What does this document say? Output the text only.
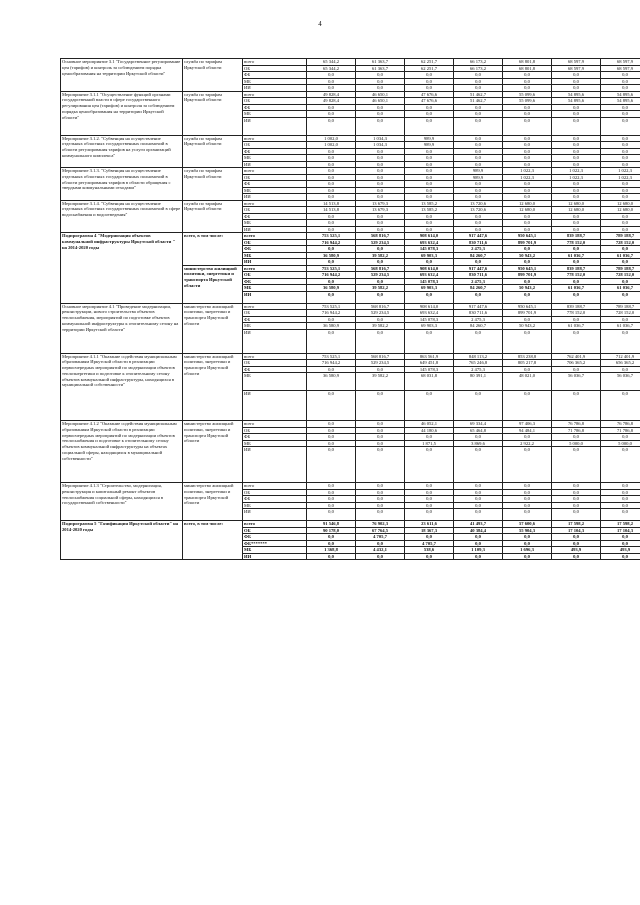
4
Основное мероприятие 3.1 "Государственное регулирование цен (тарифов) и контроль за соблюдением порядка ценообразования на территории Иркутской области"	служба по тарифам Иркутской области	всего	65 344,2	61 363,7	62 251,7	66 173,2	68 801,8	68 597,9	68 597,9
		ОБ	65 344,2	61 363,7	62 251,7	66 173,2	68 801,8	68 597,9	68 597,9
		ФБ	0,0	0,0	0,0	0,0	0,0	0,0	0,0
		МБ	0,0	0,0	0,0	0,0	0,0	0,0	0,0
		ИИ	0,0	0,0	0,0	0,0	0,0	0,0	0,0
Мероприятие 3.1.1 "Осуществление функций органами государственной власти в сфере государственного регулирования цен (тарифов) и контроля за соблюдением порядка ценообразования на территории Иркутской области"	служба по тарифам Иркутской области	всего	49 828,4	46 650,1	47 676,6	51 462,7	55 099,6	54 895,6	54 895,6
		ОБ	49 828,4	46 650,1	47 676,6	51 462,7	55 099,6	54 895,6	54 895,6
		ФБ	0,0	0,0	0,0	0,0	0,0	0,0	0,0
		МБ	0,0	0,0	0,0	0,0	0,0	0,0	0,0
		ИИ	0,0	0,0	0,0	0,0	0,0	0,0	0,0
Мероприятие 3.1.2. "Субвенция на осуществление отдельных областных государственных полномочий в области регулирования тарифов на услуги организаций коммунального комплекса"	служба по тарифам Иркутской области	всего	1 002,0	1 034,3	989,9	0,0	0,0	0,0	0,0
		ОБ	1 002,0	1 034,3	989,9	0,0	0,0	0,0	0,0
		ФБ	0,0	0,0	0,0	0,0	0,0	0,0	0,0
		МБ	0,0	0,0	0,0	0,0	0,0	0,0	0,0
		ИИ	0,0	0,0	0,0	0,0	0,0	0,0	0,0
Мероприятие 3.1.3. "Субвенция на осуществление отдельных областных государственных полномочий в области регулирования тарифов в области обращения с твердыми коммунальными отходами"	служба по тарифам Иркутской области	всего	0,0	0,0	0,0	989,9	1 022,3	1 022,3	1 022,3
		ОБ	0,0	0,0	0,0	989,9	1 022,3	1 022,3	1 022,3
		ФБ	0,0	0,0	0,0	0,0	0,0	0,0	0,0
		МБ	0,0	0,0	0,0	0,0	0,0	0,0	0,0
		ИИ	0,0	0,0	0,0	0,0	0,0	0,0	0,0
Мероприятие 3.1.4. "Субвенция на осуществление отдельных областных государственных полномочий в сфере водоснабжения и водоотведения"	служба по тарифам Иркутской области	всего	14 513,8	13 679,3	13 585,2	13 720,6	12 680,0	12 680,0	12 680,0
		ОБ	14 513,8	13 679,3	13 585,2	13 720,6	12 680,0	12 680,0	12 680,0
		ФБ	0,0	0,0	0,0	0,0	0,0	0,0	0,0
		МБ	0,0	0,0	0,0	0,0	0,0	0,0	0,0
		ИИ	0,0	0,0	0,0	0,0	0,0	0,0	0,0
Подпрограмма 4 "Модернизация объектов коммунальной инфраструктуры Иркутской области " на 2014-2020 годы	всего, в том числе:	всего	753 525,1	568 816,7	908 614,0	917 447,6	950 645,1	839 188,7	789 188,7
		ОБ	716 944,2	529 234,5	693 632,4	830 711,6	899 701,9	778 152,0	728 152,0
		ФБ	0,0	0,0	145 078,3	2 475,3	0,0	0,0	0,0
		МБ	36 580,9	39 582,2	69 903,3	84 260,7	50 943,2	61 036,7	61 036,7
		ИИ	0,0	0,0	0,0	0,0	0,0	0,0	0,0
	министерство жилищной политики, энергетики и транспорта Иркутской области	всего	753 525,1	568 816,7	908 614,0	917 447,6	950 645,1	839 188,7	789 188,7
		ОБ	716 944,2	529 234,5	693 632,4	830 711,6	899 701,9	778 152,0	728 152,0
		ФБ	0,0	0,0	145 078,3	2 475,3	0,0	0,0	0,0
		МБ	36 580,9	39 582,2	69 903,3	84 260,7	50 943,2	61 036,7	61 036,7
		ИИ	0,0	0,0	0,0	0,0	0,0	0,0	0,0
Основное мероприятие 4.1 "Проведение модернизации, реконструкции, нового строительства объектов теплоснабжения, мероприятий по подготовке объектов коммунальной инфраструктуры к отопительному сезону на территории Иркутской области"	министерство жилищной политики, энергетики и транспорта Иркутской области	всего	753 525,1	568 816,7	908 614,0	917 447,6	950 645,1	839 188,7	789 188,7
		ОБ	716 944,2	529 234,5	693 632,4	830 711,6	899 701,9	778 152,0	728 152,0
		ФБ	0,0	0,0	145 078,3	2 475,3	0,0	0,0	0,0
		МБ	36 580,9	39 582,2	69 903,3	84 260,7	50 943,2	61 036,7	61 036,7
		ИИ	0,0	0,0	0,0	0,0	0,0	0,0	0,0
Мероприятие 4.1.1 "Оказание содействия муниципальным образованиям Иркутской области в реализации первоочередных мероприятий по модернизации объектов теплоэнергетики и подготовке к отопительному сезону объектов коммунальной инфраструктуры, находящихся в муниципальной собственности"	министерство жилищной политики, энергетики и транспорта Иркутской области	всего	753 525,1	568 816,7	863 561,9	848 113,2	853 238,8	762 401,9	712 401,9
		ОБ	716 944,2	529 234,5	649 451,8	765 246,8	805 217,8	706 365,2	656 365,2
		ФБ	0,0	0,0	145 078,3	2 475,3	0,0	0,0	0,0
		МБ	36 580,9	39 582,2	68 031,8	80 391,1	48 021,0	56 036,7	56 036,7
		ИИ	0,0	0,0	0,0	0,0	0,0	0,0	0,0
Мероприятие 4.1.2 "Оказание содействия муниципальным образованиям Иркутской области в реализации первоочередных мероприятий по модернизации объектов теплоснабжения и подготовке к отопительному сезону объектов коммунальной инфраструктуры на объектах социальной сферы, находящихся в муниципальной собственности"	министерство жилищной политики, энергетики и транспорта Иркутской области	всего	0,0	0,0	46 052,1	69 334,4	97 406,3	76 786,8	76 786,8
		ОБ	0,0	0,0	44 180,6	65 464,8	94 484,1	71 786,8	71 786,8
		ФБ	0,0	0,0	0,0	0,0	0,0	0,0	0,0
		МБ	0,0	0,0	1 871,5	3 869,6	2 922,2	5 000,0	5 000,0
		ИИ	0,0	0,0	0,0	0,0	0,0	0,0	0,0
Мероприятие 4.1.3 "Строительство, модернизация, реконструкция и капитальный ремонт объектов теплоснабжения социальной сферы, находящихся в государственной собственности"	министерство жилищной политики, энергетики и транспорта Иркутской области	всего	0,0	0,0	0,0	0,0	0,0	0,0	0,0
		ОБ	0,0	0,0	0,0	0,0	0,0	0,0	0,0
		ФБ	0,0	0,0	0,0	0,0	0,0	0,0	0,0
		МБ	0,0	0,0	0,0	0,0	0,0	0,0	0,0
		ИИ	0,0	0,0	0,0	0,0	0,0	0,0	0,0
Подпрограмма 5 "Газификация Иркутской области" на 2014-2020 годы	всего, в том числе:	всего	91 546,8	76 902,3	23 611,6	41 493,7	57 600,6	17 598,2	17 598,2
		ОБ	90 178,0	67 764,5	18 367,3	40 384,4	55 904,3	17 104,3	17 104,3
		ФБ	0,0	4 705,7	0,0	0,0	0,0	0,0	0,0
		ФБ*******	0,0	0,0	4 705,7	0,0	0,0	0,0	0,0
		МБ	1 368,8	4 432,1	538,6	1 109,3	1 696,3	493,9	493,9
		ИИ	0,0	0,0	0,0	0,0	0,0	0,0	0,0
